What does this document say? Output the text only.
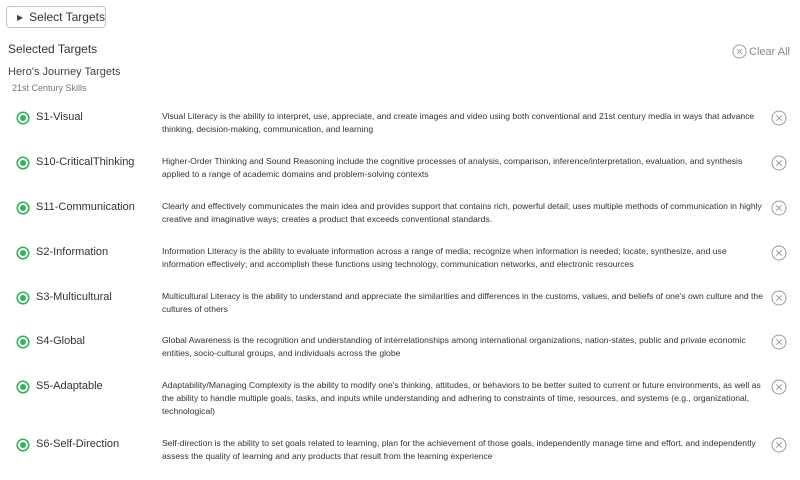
▶ Select Targets
Selected Targets	Clear All
Hero's Journey Targets
21st Century Skills
S1-Visual	Visual Literacy is the ability to interpret, use, appreciate, and create images and video using both conventional and 21st century media in ways that advance thinking, decision-making, communication, and learning
S10-CriticalThinking	Higher-Order Thinking and Sound Reasoning include the cognitive processes of analysis, comparison, inference/interpretation, evaluation, and synthesis applied to a range of academic domains and problem-solving contexts
S11-Communication	Clearly and effectively communicates the main idea and provides support that contains rich, powerful detail; uses multiple methods of communication in highly creative and imaginative ways; creates a product that exceeds conventional standards.
S2-Information	Information Literacy is the ability to evaluate information across a range of media; recognize when information is needed; locate, synthesize, and use information effectively; and accomplish these functions using technology, communication networks, and electronic resources
S3-Multicultural	Multicultural Literacy is the ability to understand and appreciate the similarities and differences in the customs, values, and beliefs of one's own culture and the cultures of others
S4-Global	Global Awareness is the recognition and understanding of interrelationships among international organizations, nation-states, public and private economic entities, socio-cultural groups, and individuals across the globe
S5-Adaptable	Adaptability/Managing Complexity is the ability to modify one's thinking, attitudes, or behaviors to be better suited to current or future environments, as well as the ability to handle multiple goals, tasks, and inputs while understanding and adhering to constraints of time, resources, and systems (e.g., organizational, technological)
S6-Self-Direction	Self-direction is the ability to set goals related to learning, plan for the achievement of those goals, independently manage time and effort, and independently assess the quality of learning and any products that result from the learning experience
